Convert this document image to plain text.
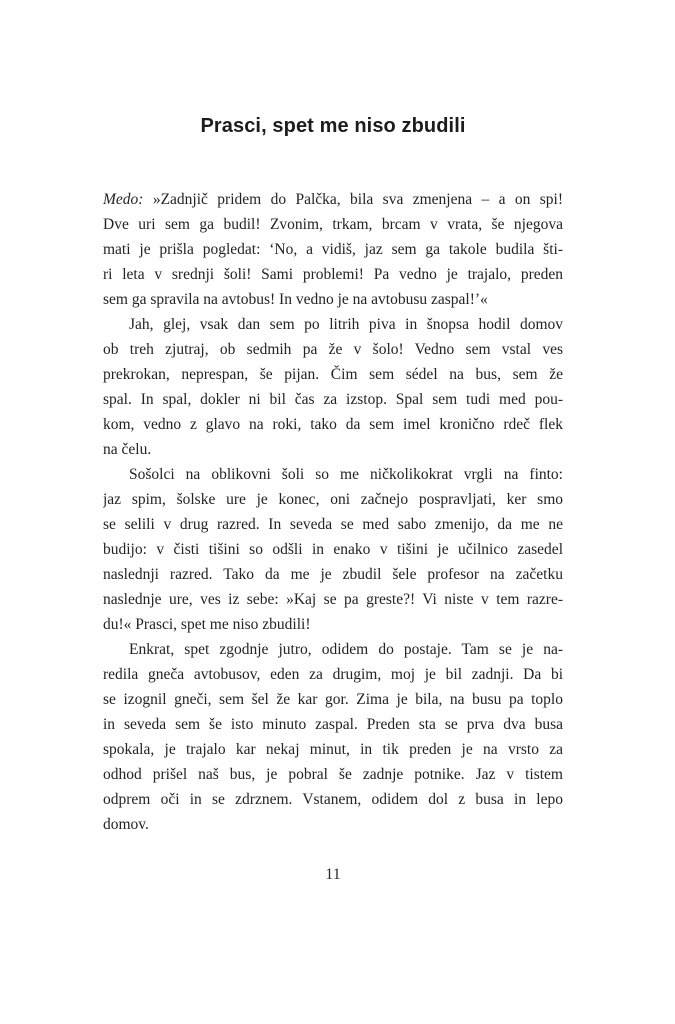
Prasci, spet me niso zbudili

Medo: »Zadnjič pridem do Palčka, bila sva zmenjena – a on spi!
Dve uri sem ga budil! Zvonim, trkam, brcam v vrata, še njegova
mati je prišla pogledat: ‘No, a vidiš, jaz sem ga takole budila šti-
ri leta v srednji šoli! Sami problemi! Pa vedno je trajalo, preden
sem ga spravila na avtobus! In vedno je na avtobusu zaspal!’«

Jah, glej, vsak dan sem po litrih piva in šnopsa hodil domov
ob treh zjutraj, ob sedmih pa že v šolo! Vedno sem vstal ves
prekrokan, neprespan, še pijan. Čim sem sédel na bus, sem že
spal. In spal, dokler ni bil čas za izstop. Spal sem tudi med pou-
kom, vedno z glavo na roki, tako da sem imel kronično rdeč flek
na čelu.

Sošolci na oblikovni šoli so me ničkolikokrat vrgli na finto:
jaz spim, šolske ure je konec, oni začnejo pospravljati, ker smo
se selili v drug razred. In seveda se med sabo zmenijo, da me ne
budijo: v čisti tišini so odšli in enako v tišini je učilnico zasedel
naslednji razred. Tako da me je zbudil šele profesor na začetku
naslednje ure, ves iz sebe: »Kaj se pa greste?! Vi niste v tem razre-
du!« Prasci, spet me niso zbudili!

Enkrat, spet zgodnje jutro, odidem do postaje. Tam se je na-
redila gneča avtobusov, eden za drugim, moj je bil zadnji. Da bi
se izognil gneči, sem šel že kar gor. Zima je bila, na busu pa toplo
in seveda sem še isto minuto zaspal. Preden sta se prva dva busa
spokala, je trajalo kar nekaj minut, in tik preden je na vrsto za
odhod prišel naš bus, je pobral še zadnje potnike. Jaz v tistem
odprem oči in se zdrznem. Vstanem, odidem dol z busa in lepo
domov.

11
